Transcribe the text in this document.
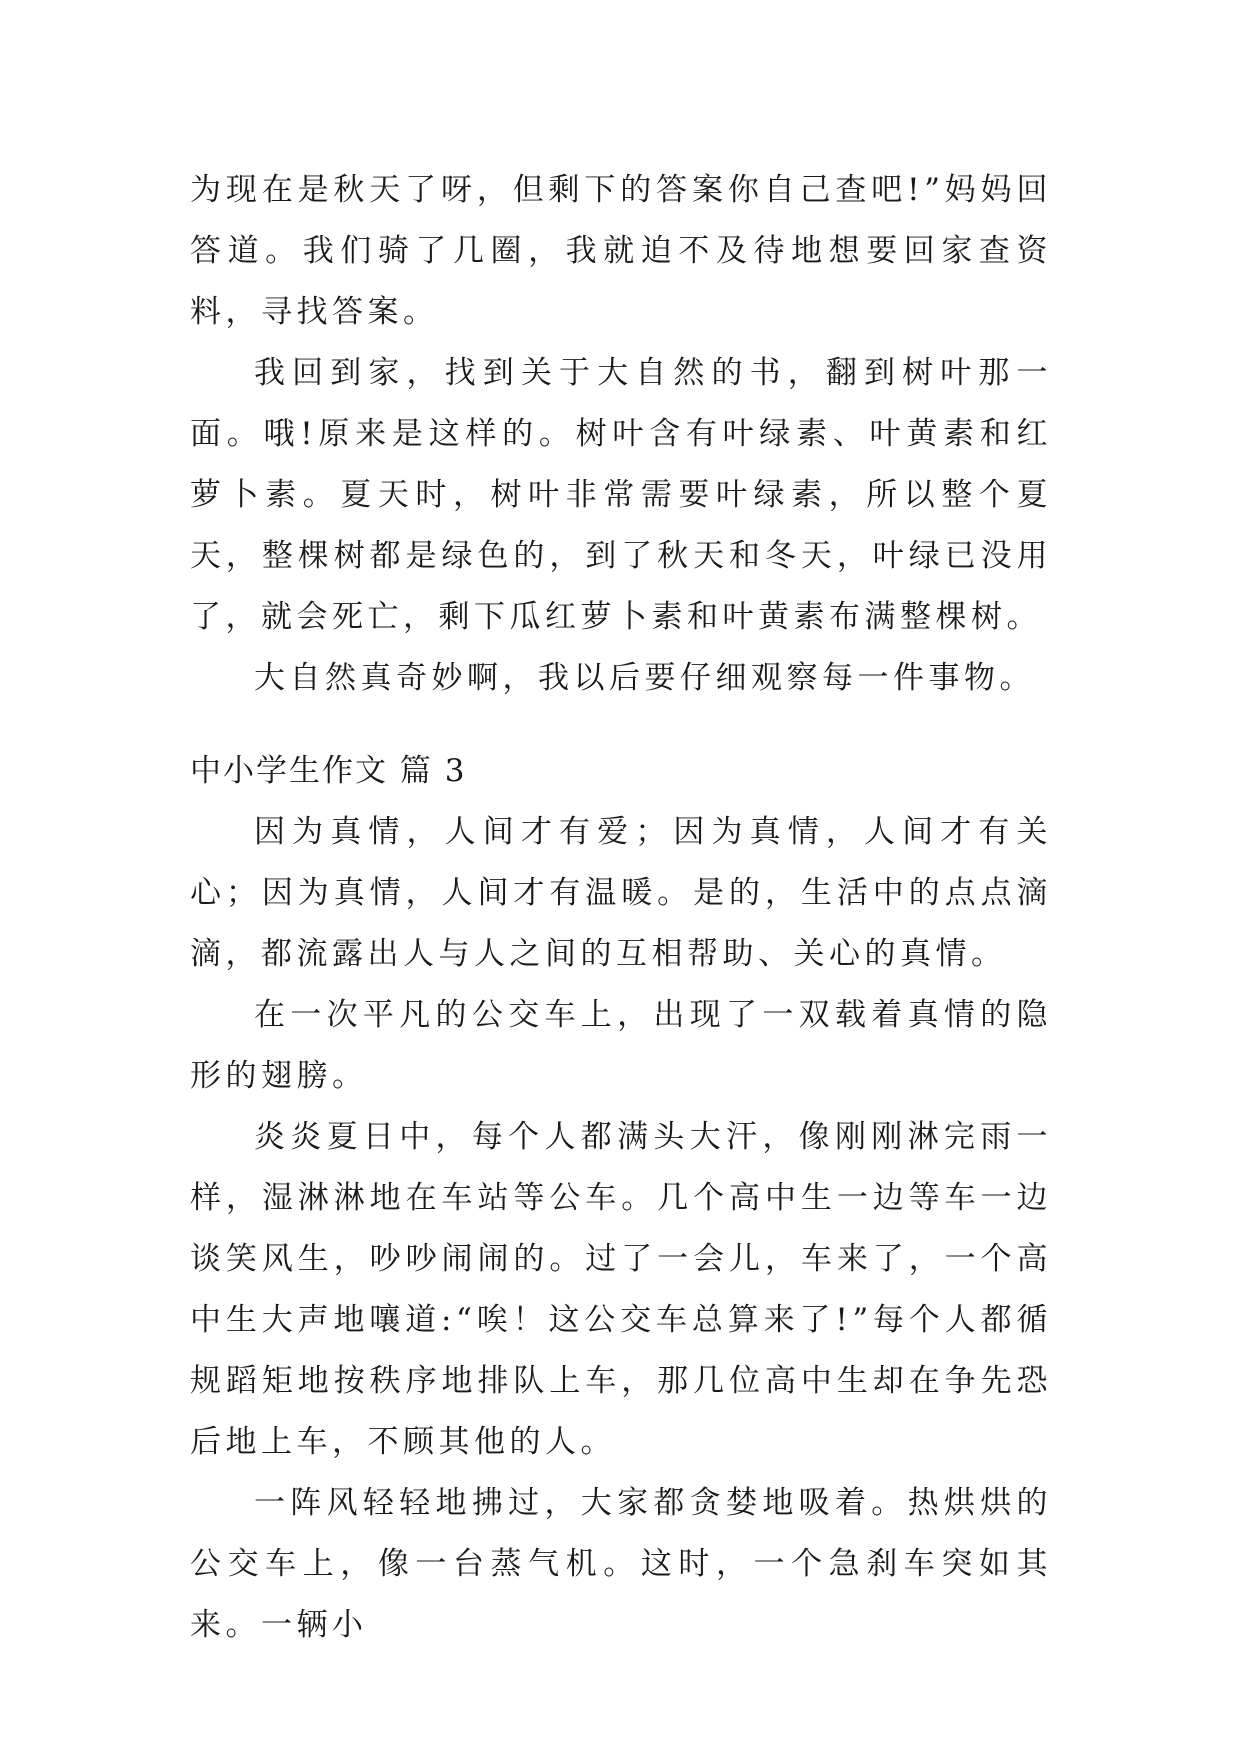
为现在是秋天了呀，但剩下的答案你自己查吧!”妈妈回答道。我们骑了几圈，我就迫不及待地想要回家查资料，寻找答案。

我回到家，找到关于大自然的书，翻到树叶那一面。哦!原来是这样的。树叶含有叶绿素、叶黄素和红萝卜素。夏天时，树叶非常需要叶绿素，所以整个夏天，整棵树都是绿色的，到了秋天和冬天，叶绿已没用了，就会死亡，剩下瓜红萝卜素和叶黄素布满整棵树。

大自然真奇妙啊，我以后要仔细观察每一件事物。

中小学生作文 篇 3

因为真情，人间才有爱；因为真情，人间才有关心；因为真情，人间才有温暖。是的，生活中的点点滴滴，都流露出人与人之间的互相帮助、关心的真情。

在一次平凡的公交车上，出现了一双载着真情的隐形的翅膀。

炎炎夏日中，每个人都满头大汗，像刚刚淋完雨一样，湿淋淋地在车站等公车。几个高中生一边等车一边谈笑风生，吵吵闹闹的。过了一会儿，车来了，一个高中生大声地嚷道:“唉！这公交车总算来了!”每个人都循规蹈矩地按秩序地排队上车，那几位高中生却在争先恐后地上车，不顾其他的人。

一阵风轻轻地拂过，大家都贪婪地吸着。热烘烘的公交车上，像一台蒸气机。这时，一个急刹车突如其来。一辆小
